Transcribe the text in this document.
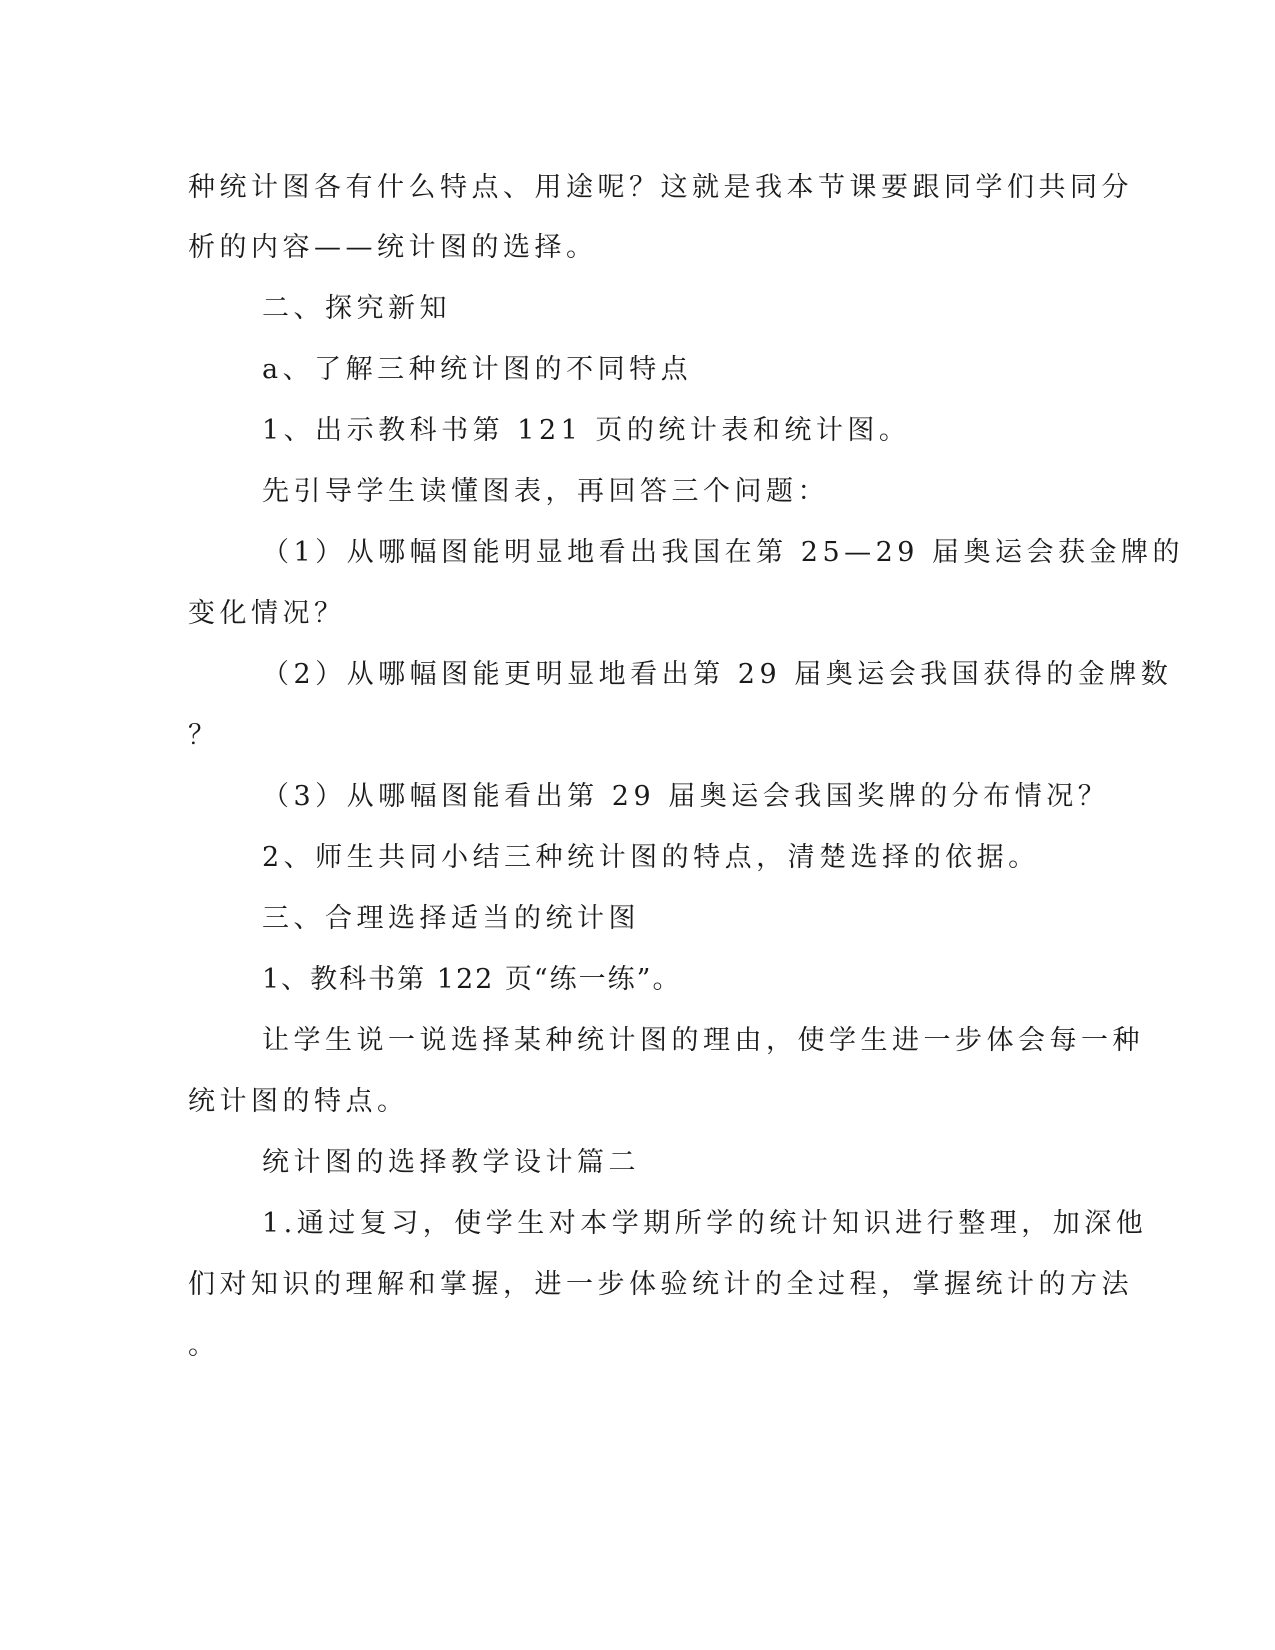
种统计图各有什么特点、用途呢？这就是我本节课要跟同学们共同分
析的内容——统计图的选择。
二、探究新知
a、了解三种统计图的不同特点
1、出示教科书第 121 页的统计表和统计图。
先引导学生读懂图表，再回答三个问题：
（1）从哪幅图能明显地看出我国在第 25—29 届奥运会获金牌的
变化情况？
（2）从哪幅图能更明显地看出第 29 届奥运会我国获得的金牌数
？
（3）从哪幅图能看出第 29 届奥运会我国奖牌的分布情况？
2、师生共同小结三种统计图的特点，清楚选择的依据。
三、合理选择适当的统计图
1、教科书第 122 页“练一练”。
让学生说一说选择某种统计图的理由，使学生进一步体会每一种
统计图的特点。
统计图的选择教学设计篇二
1.通过复习，使学生对本学期所学的统计知识进行整理，加深他
们对知识的理解和掌握，进一步体验统计的全过程，掌握统计的方法
。
